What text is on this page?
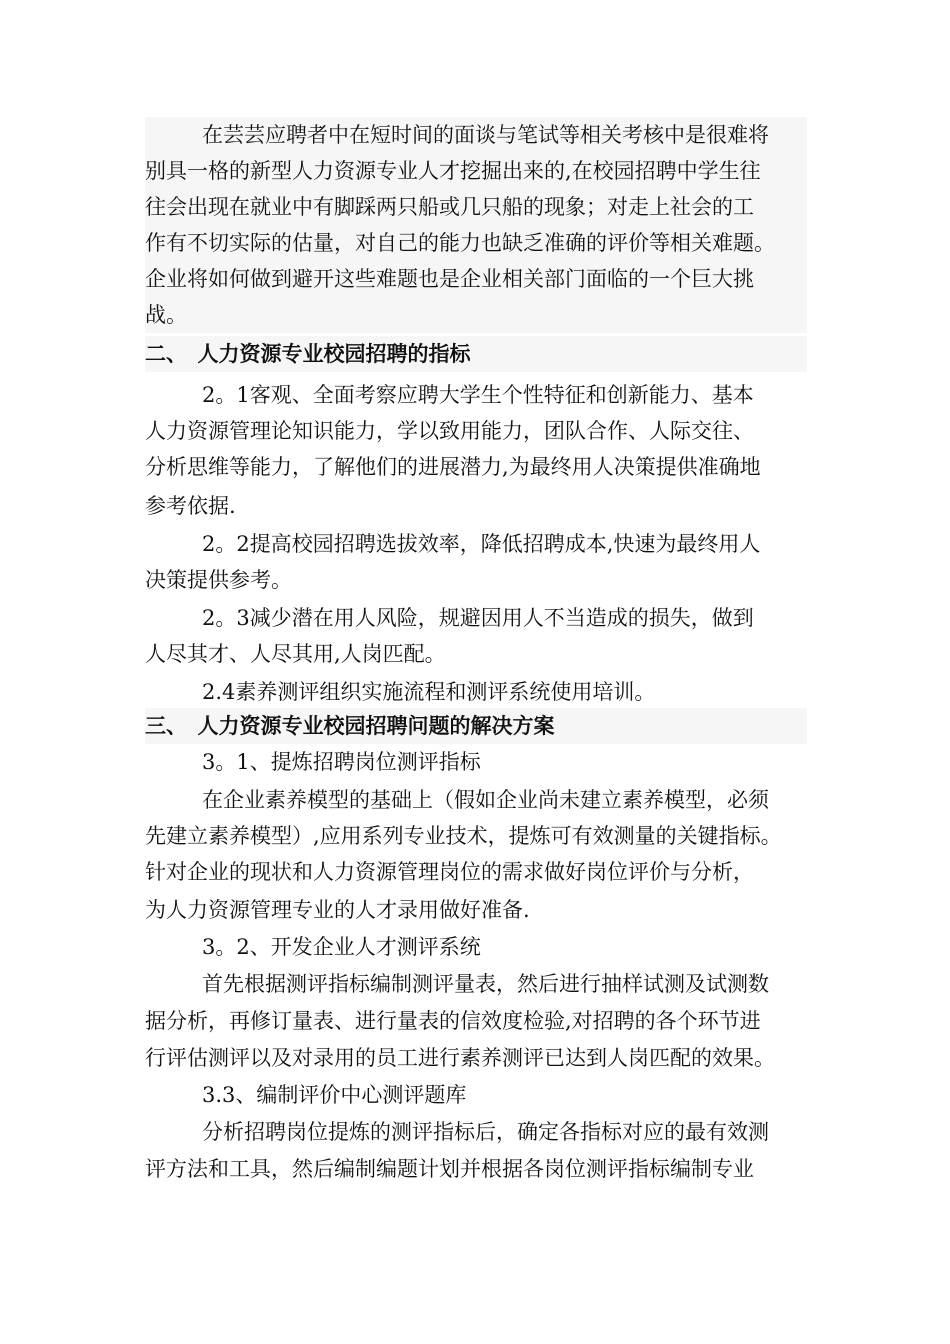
在芸芸应聘者中在短时间的面谈与笔试等相关考核中是很难将
别具一格的新型人力资源专业人才挖掘出来的,在校园招聘中学生往
往会出现在就业中有脚踩两只船或几只船的现象；对走上社会的工
作有不切实际的估量，对自己的能力也缺乏准确的评价等相关难题。
企业将如何做到避开这些难题也是企业相关部门面临的一个巨大挑
战。
二、　人力资源专业校园招聘的指标
2。1客观、全面考察应聘大学生个性特征和创新能力、基本
人力资源管理论知识能力，学以致用能力，团队合作、人际交往、
分析思维等能力，了解他们的进展潜力,为最终用人决策提供准确地
参考依据.
2。2提高校园招聘选拔效率，降低招聘成本,快速为最终用人
决策提供参考。
2。3减少潜在用人风险，规避因用人不当造成的损失，做到
人尽其才、人尽其用,人岗匹配。
2.4素养测评组织实施流程和测评系统使用培训。
三、　人力资源专业校园招聘问题的解决方案
3。1、提炼招聘岗位测评指标
在企业素养模型的基础上（假如企业尚未建立素养模型，必须
先建立素养模型）,应用系列专业技术，提炼可有效测量的关键指标。
针对企业的现状和人力资源管理岗位的需求做好岗位评价与分析，
为人力资源管理专业的人才录用做好准备.
3。2、开发企业人才测评系统
首先根据测评指标编制测评量表，然后进行抽样试测及试测数
据分析，再修订量表、进行量表的信效度检验,对招聘的各个环节进
行评估测评以及对录用的员工进行素养测评已达到人岗匹配的效果。
3.3、编制评价中心测评题库
分析招聘岗位提炼的测评指标后，确定各指标对应的最有效测
评方法和工具，然后编制编题计划并根据各岗位测评指标编制专业
